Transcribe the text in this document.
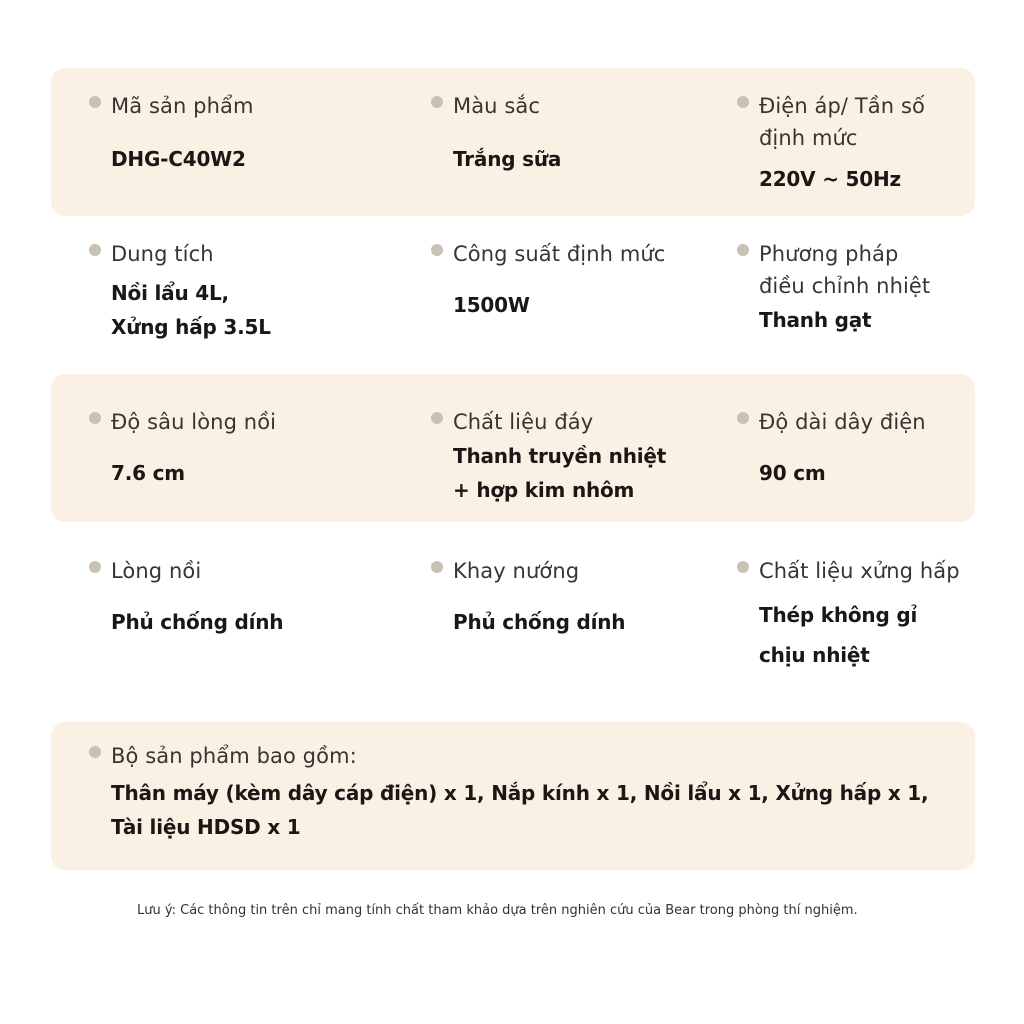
Mã sản phẩm
DHG-C40W2
Màu sắc
Trắng sữa
Điện áp/ Tần số
định mức
220V ~ 50Hz
Dung tích
Nồi lẩu 4L,
Xửng hấp 3.5L
Công suất định mức
1500W
Phương pháp
điều chỉnh nhiệt
Thanh gạt
Độ sâu lòng nồi
7.6 cm
Chất liệu đáy
Thanh truyền nhiệt
+ hợp kim nhôm
Độ dài dây điện
90 cm
Lòng nồi
Phủ chống dính
Khay nướng
Phủ chống dính
Chất liệu xửng hấp
Thép không gỉ
chịu nhiệt
Bộ sản phẩm bao gồm:
Thân máy (kèm dây cáp điện) x 1, Nắp kính x 1, Nồi lẩu x 1, Xửng hấp x 1,
Tài liệu HDSD x 1
Lưu ý: Các thông tin trên chỉ mang tính chất tham khảo dựa trên nghiên cứu của Bear trong phòng thí nghiệm.
